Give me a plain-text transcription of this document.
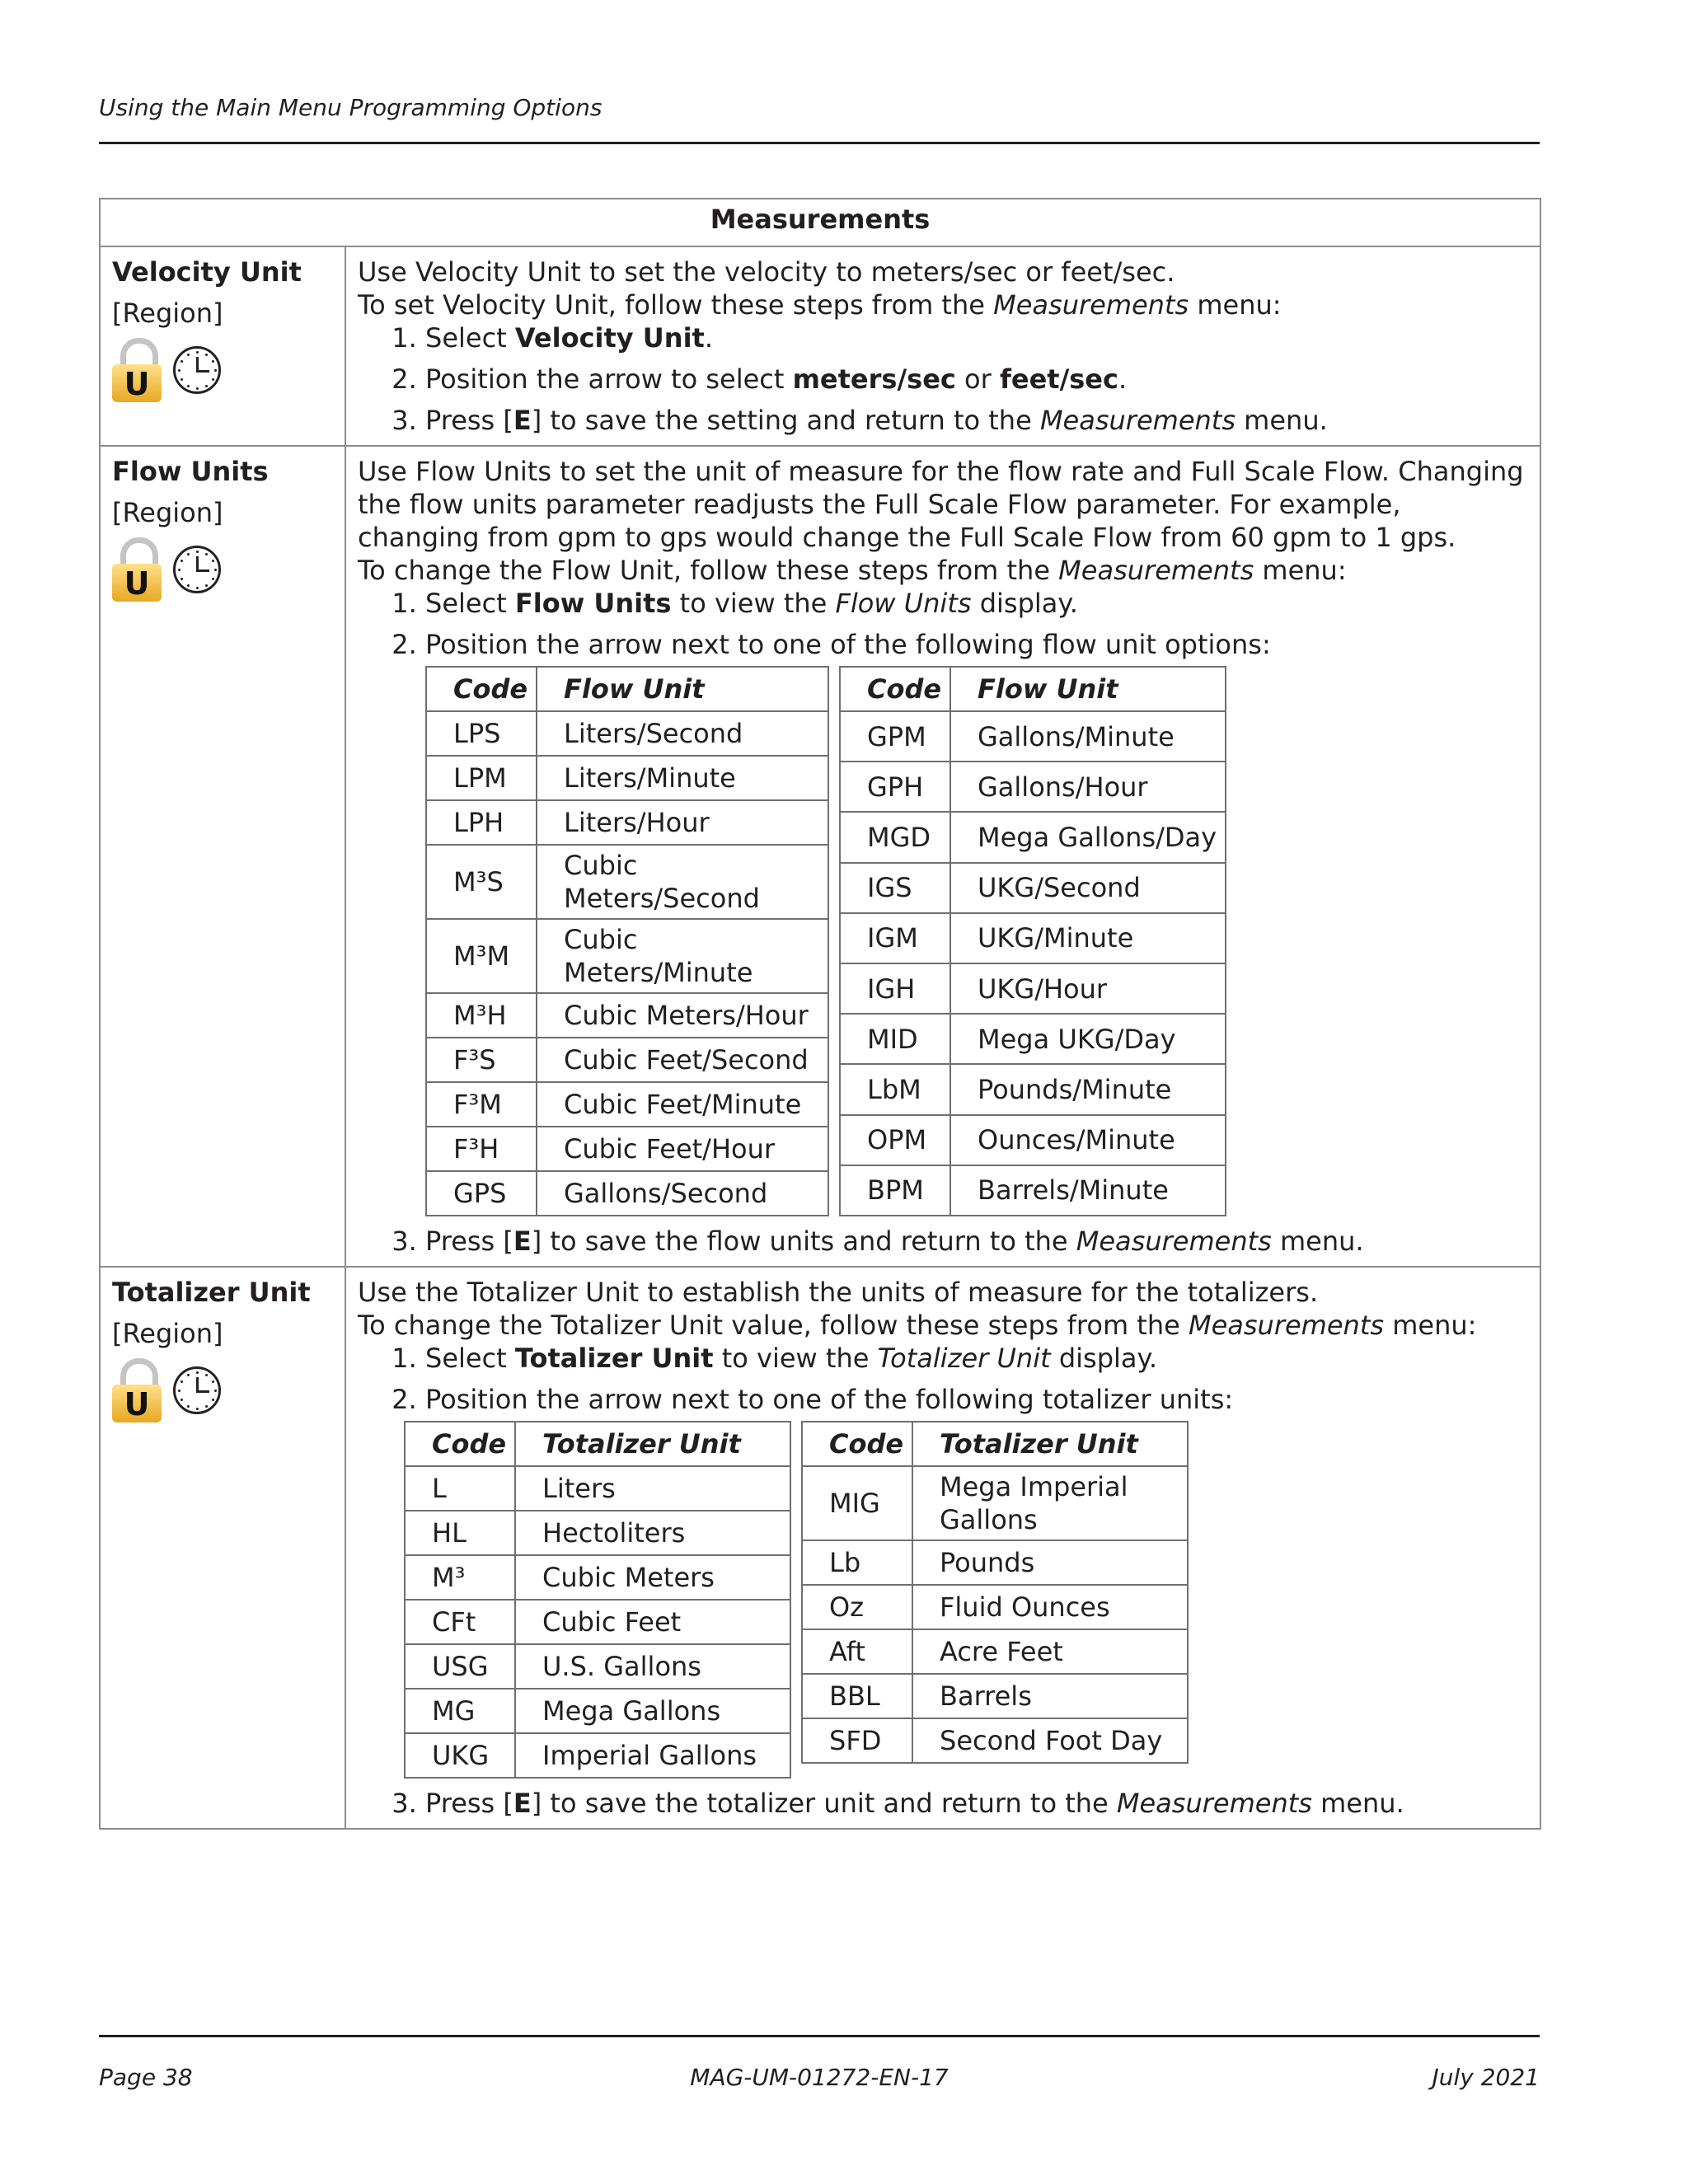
Using the Main Menu Programming Options
Measurements

Velocity Unit
[Region]
U

Use Velocity Unit to set the velocity to meters/sec or feet/sec.
To set Velocity Unit, follow these steps from the Measurements menu:
1. Select Velocity Unit.
2. Position the arrow to select meters/sec or feet/sec.
3. Press [E] to save the setting and return to the Measurements menu.

Flow Units
[Region]
U

Use Flow Units to set the unit of measure for the flow rate and Full Scale Flow. Changing the flow units parameter readjusts the Full Scale Flow parameter. For example, changing from gpm to gps would change the Full Scale Flow from 60 gpm to 1 gps.
To change the Flow Unit, follow these steps from the Measurements menu:
1. Select Flow Units to view the Flow Units display.
2. Position the arrow next to one of the following flow unit options:
Code	Flow Unit
LPS	Liters/Second
LPM	Liters/Minute
LPH	Liters/Hour
M³S	Cubic Meters/Second
M³M	Cubic Meters/Minute
M³H	Cubic Meters/Hour
F³S	Cubic Feet/Second
F³M	Cubic Feet/Minute
F³H	Cubic Feet/Hour
GPS	Gallons/Second
Code	Flow Unit
GPM	Gallons/Minute
GPH	Gallons/Hour
MGD	Mega Gallons/Day
IGS	UKG/Second
IGM	UKG/Minute
IGH	UKG/Hour
MID	Mega UKG/Day
LbM	Pounds/Minute
OPM	Ounces/Minute
BPM	Barrels/Minute
3. Press [E] to save the flow units and return to the Measurements menu.

Totalizer Unit
[Region]
U

Use the Totalizer Unit to establish the units of measure for the totalizers.
To change the Totalizer Unit value, follow these steps from the Measurements menu:
1. Select Totalizer Unit to view the Totalizer Unit display.
2. Position the arrow next to one of the following totalizer units:
Code	Totalizer Unit
L	Liters
HL	Hectoliters
M³	Cubic Meters
CFt	Cubic Feet
USG	U.S. Gallons
MG	Mega Gallons
UKG	Imperial Gallons
Code	Totalizer Unit
MIG	Mega Imperial Gallons
Lb	Pounds
Oz	Fluid Ounces
Aft	Acre Feet
BBL	Barrels
SFD	Second Foot Day
3. Press [E] to save the totalizer unit and return to the Measurements menu.
Page 38	MAG-UM-01272-EN-17	July 2021
